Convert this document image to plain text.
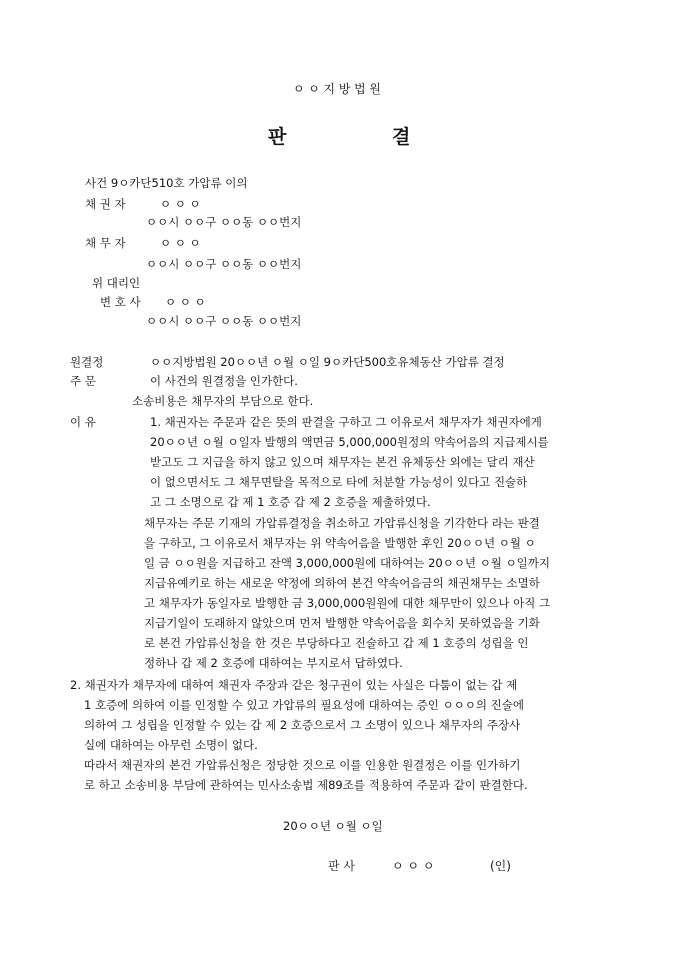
ㅇ ㅇ 지 방 법 원
판	결
사건 9ㅇ카단510호 가압류 이의
채 권 자	ㅇ ㅇ ㅇ
ㅇㅇ시 ㅇㅇ구 ㅇㅇ동 ㅇㅇ번지
채 무 자	ㅇ ㅇ ㅇ
ㅇㅇ시 ㅇㅇ구 ㅇㅇ동 ㅇㅇ번지
위 대리인
변 호 사 ㅇ ㅇ ㅇ
ㅇㅇ시 ㅇㅇ구 ㅇㅇ동 ㅇㅇ번지
원결정	ㅇㅇ지방법원 20ㅇㅇ년 ㅇ월 ㅇ일 9ㅇ카단500호유체동산 가압류 결정
주 문	이 사건의 원결정을 인가한다.
소송비용은 채무자의 부담으로 한다.
이 유	1. 채권자는 주문과 같은 뜻의 판결을 구하고 그 이유로서 채무자가 채권자에게
20ㅇㅇ년 ㅇ월 ㅇ일자 발행의 액면금 5,000,000원정의 약속어음의 지급제시를
받고도 그 지급을 하지 않고 있으며 채무자는 본건 유체동산 외에는 달리 재산
이 없으면서도 그 채무면탈을 목적으로 타에 처분할 가능성이 있다고 진술하
고 그 소명으로 갑 제 1 호증 갑 제 2 호증을 제출하였다.
채무자는 주문 기재의 가압류결정을 취소하고 가압류신청을 기각한다 라는 판결
을 구하고, 그 이유로서 채무자는 위 약속어음을 발행한 후인 20ㅇㅇ년 ㅇ월 ㅇ
일 금 ㅇㅇ원을 지급하고 잔액 3,000,000원에 대하여는 20ㅇㅇ년 ㅇ월 ㅇ일까지
지급유예키로 하는 새로운 약정에 의하여 본건 약속어음금의 채권채무는 소멸하
고 채무자가 동일자로 발행한 금 3,000,000원원에 대한 채무만이 있으나 아직 그
지급기일이 도래하지 않았으며 먼저 발행한 약속어음을 회수치 못하였음을 기화
로 본건 가압류신청을 한 것은 부당하다고 진술하고 갑 제 1 호증의 성립을 인
정하나 갑 제 2 호증에 대하여는 부지로서 답하였다.
2. 채권자가 채무자에 대하여 채권자 주장과 같은 청구권이 있는 사실은 다툼이 없는 갑 제
1 호증에 의하여 이를 인정할 수 있고 가압류의 필요성에 대하여는 증인 ㅇㅇㅇ의 진술에
의하여 그 성립을 인정할 수 있는 갑 제 2 호증으로서 그 소명이 있으나 채무자의 주장사
실에 대하여는 아무런 소명이 없다.
따라서 채권자의 본건 가압류신청은 정당한 것으로 이를 인용한 원결정은 이를 인가하기
로 하고 소송비용 부담에 관하여는 민사소송법 제89조를 적용하여 주문과 같이 판결한다.
20ㅇㅇ년 ㅇ월 ㅇ일
판 사	ㅇ ㅇ ㅇ	(인)
